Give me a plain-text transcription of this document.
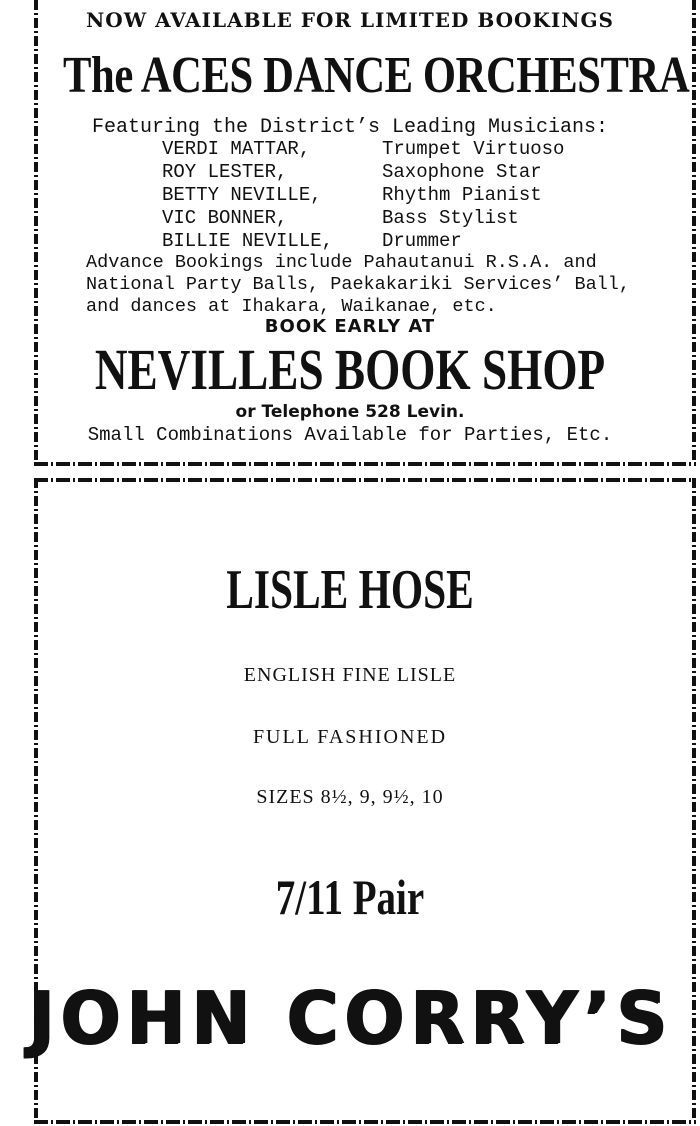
NOW AVAILABLE FOR LIMITED BOOKINGS
The ACES DANCE ORCHESTRA
Featuring the District’s Leading Musicians:
VERDI MATTAR,	Trumpet Virtuoso
ROY LESTER,	Saxophone Star
BETTY NEVILLE,	Rhythm Pianist
VIC BONNER,	Bass Stylist
BILLIE NEVILLE,	Drummer
Advance Bookings include Pahautanui R.S.A. and
National Party Balls, Paekakariki Services’ Ball,
and dances at Ihakara, Waikanae, etc.
BOOK EARLY AT
NEVILLES BOOK SHOP
or Telephone 528 Levin.
Small Combinations Available for Parties, Etc.
LISLE HOSE
ENGLISH FINE LISLE
FULL FASHIONED
SIZES 8½, 9, 9½, 10
7/11 Pair
JOHN CORRY’S
